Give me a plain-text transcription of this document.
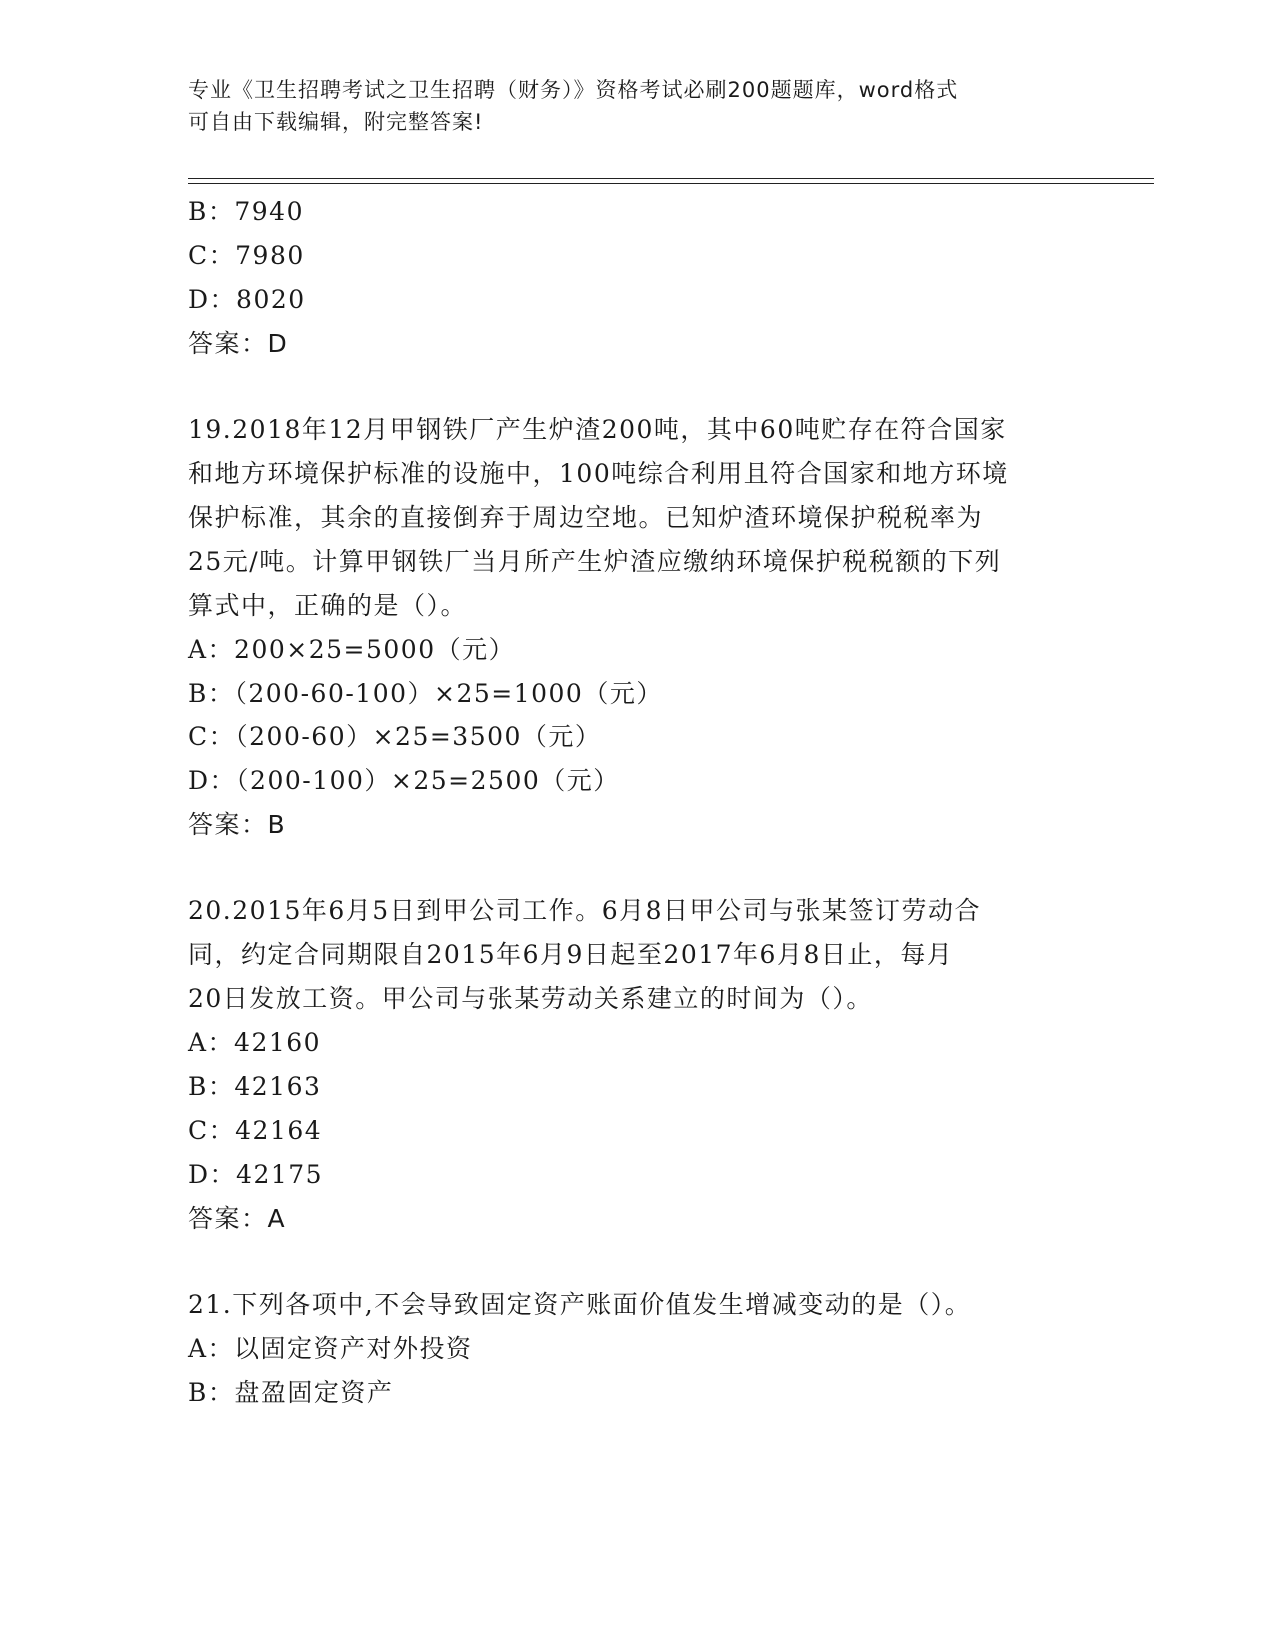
专业《卫生招聘考试之卫生招聘（财务）》资格考试必刷200题题库，word格式
可自由下载编辑，附完整答案!
B：7940
C：7980
D：8020
答案：D
19.2018年12月甲钢铁厂产生炉渣200吨，其中60吨贮存在符合国家
和地方环境保护标准的设施中，100吨综合利用且符合国家和地方环境
保护标准，其余的直接倒弃于周边空地。已知炉渣环境保护税税率为
25元/吨。计算甲钢铁厂当月所产生炉渣应缴纳环境保护税税额的下列
算式中，正确的是（）。
A：200×25=5000（元）
B：（200-60-100）×25=1000（元）
C：（200-60）×25=3500（元）
D：（200-100）×25=2500（元）
答案：B
20.2015年6月5日到甲公司工作。6月8日甲公司与张某签订劳动合
同，约定合同期限自2015年6月9日起至2017年6月8日止，每月
20日发放工资。甲公司与张某劳动关系建立的时间为（）。
A：42160
B：42163
C：42164
D：42175
答案：A
21.下列各项中,不会导致固定资产账面价值发生增减变动的是（）。
A：以固定资产对外投资
B：盘盈固定资产
